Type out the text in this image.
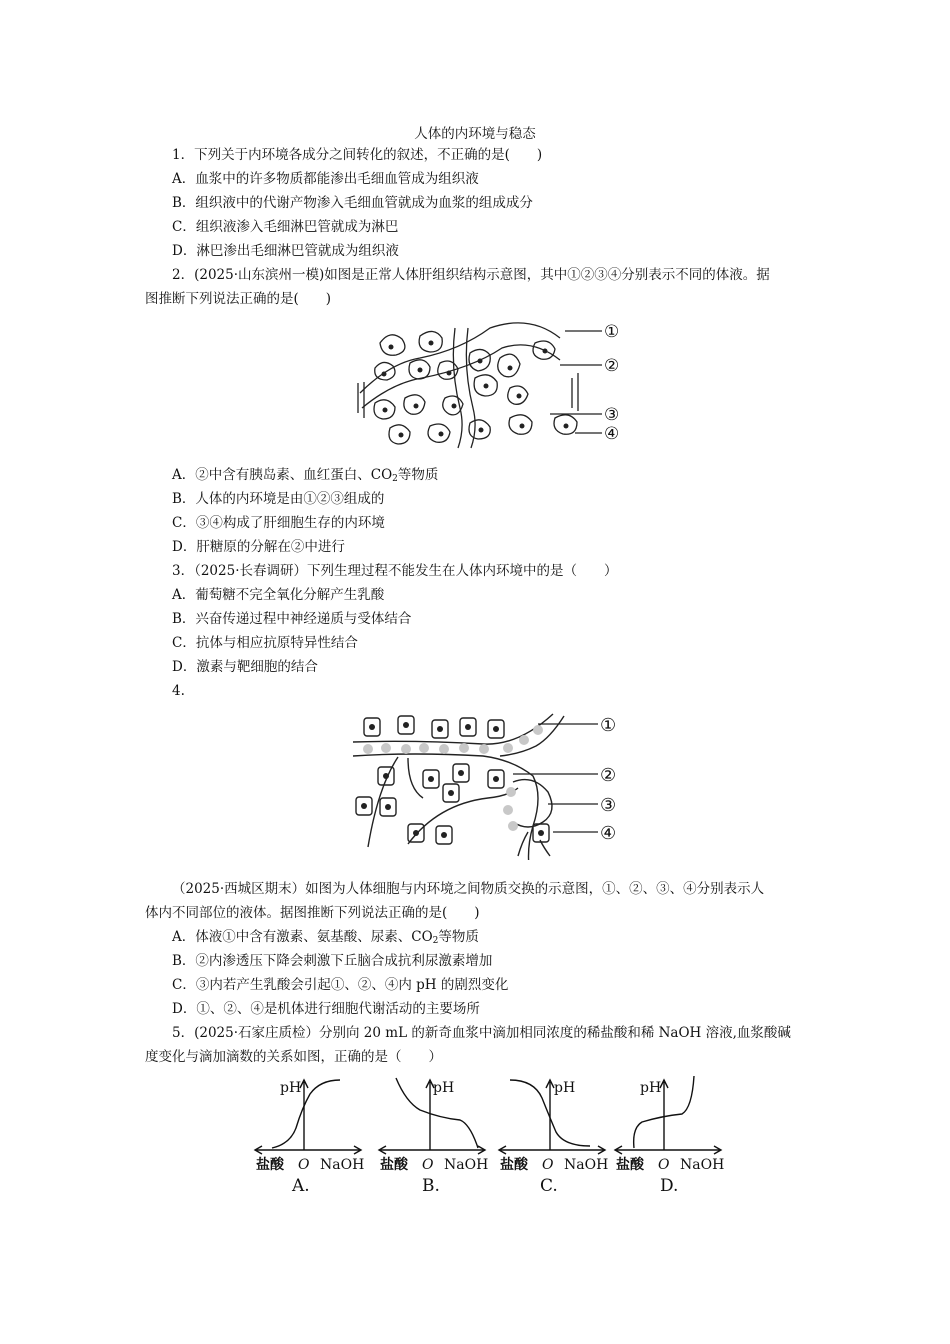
人体的内环境与稳态
1．下列关于内环境各成分之间转化的叙述，不正确的是(　　)
A．血浆中的许多物质都能渗出毛细血管成为组织液
B．组织液中的代谢产物渗入毛细血管就成为血浆的组成成分
C．组织液渗入毛细淋巴管就成为淋巴
D．淋巴渗出毛细淋巴管就成为组织液
2．(2025·山东滨州一模)如图是正常人体肝组织结构示意图，其中①②③④分别表示不同的体液。据
图推断下列说法正确的是(　　)
①
②
③
④
A．②中含有胰岛素、血红蛋白、$CO_2$等物质
B．人体的内环境是由①②③组成的
C．③④构成了肝细胞生存的内环境
D．肝糖原的分解在②中进行
3．（2025·长春调研）下列生理过程不能发生在人体内环境中的是（　　）
A．葡萄糖不完全氧化分解产生乳酸
B．兴奋传递过程中神经递质与受体结合
C．抗体与相应抗原特异性结合
D．激素与靶细胞的结合
4.
①
②
③
④
（2025·西城区期末）如图为人体细胞与内环境之间物质交换的示意图，①、②、③、④分别表示人
体内不同部位的液体。据图推断下列说法正确的是(　　)
A．体液①中含有激素、氨基酸、尿素、$CO_2$等物质
B．②内渗透压下降会刺激下丘脑合成抗利尿激素增加
C．③内若产生乳酸会引起①、②、④内 pH 的剧烈变化
D．①、②、④是机体进行细胞代谢活动的主要场所
5．(2025·石家庄质检）分别向 20 mL 的新奇血浆中滴加相同浓度的稀盐酸和稀 NaOH 溶液,血浆酸碱
度变化与滴加滴数的关系如图，正确的是（　　）
pH
盐酸 O NaOH
A.
pH
盐酸 O NaOH
B.
pH
盐酸 O NaOH
C.
pH
盐酸 O NaOH
D.
